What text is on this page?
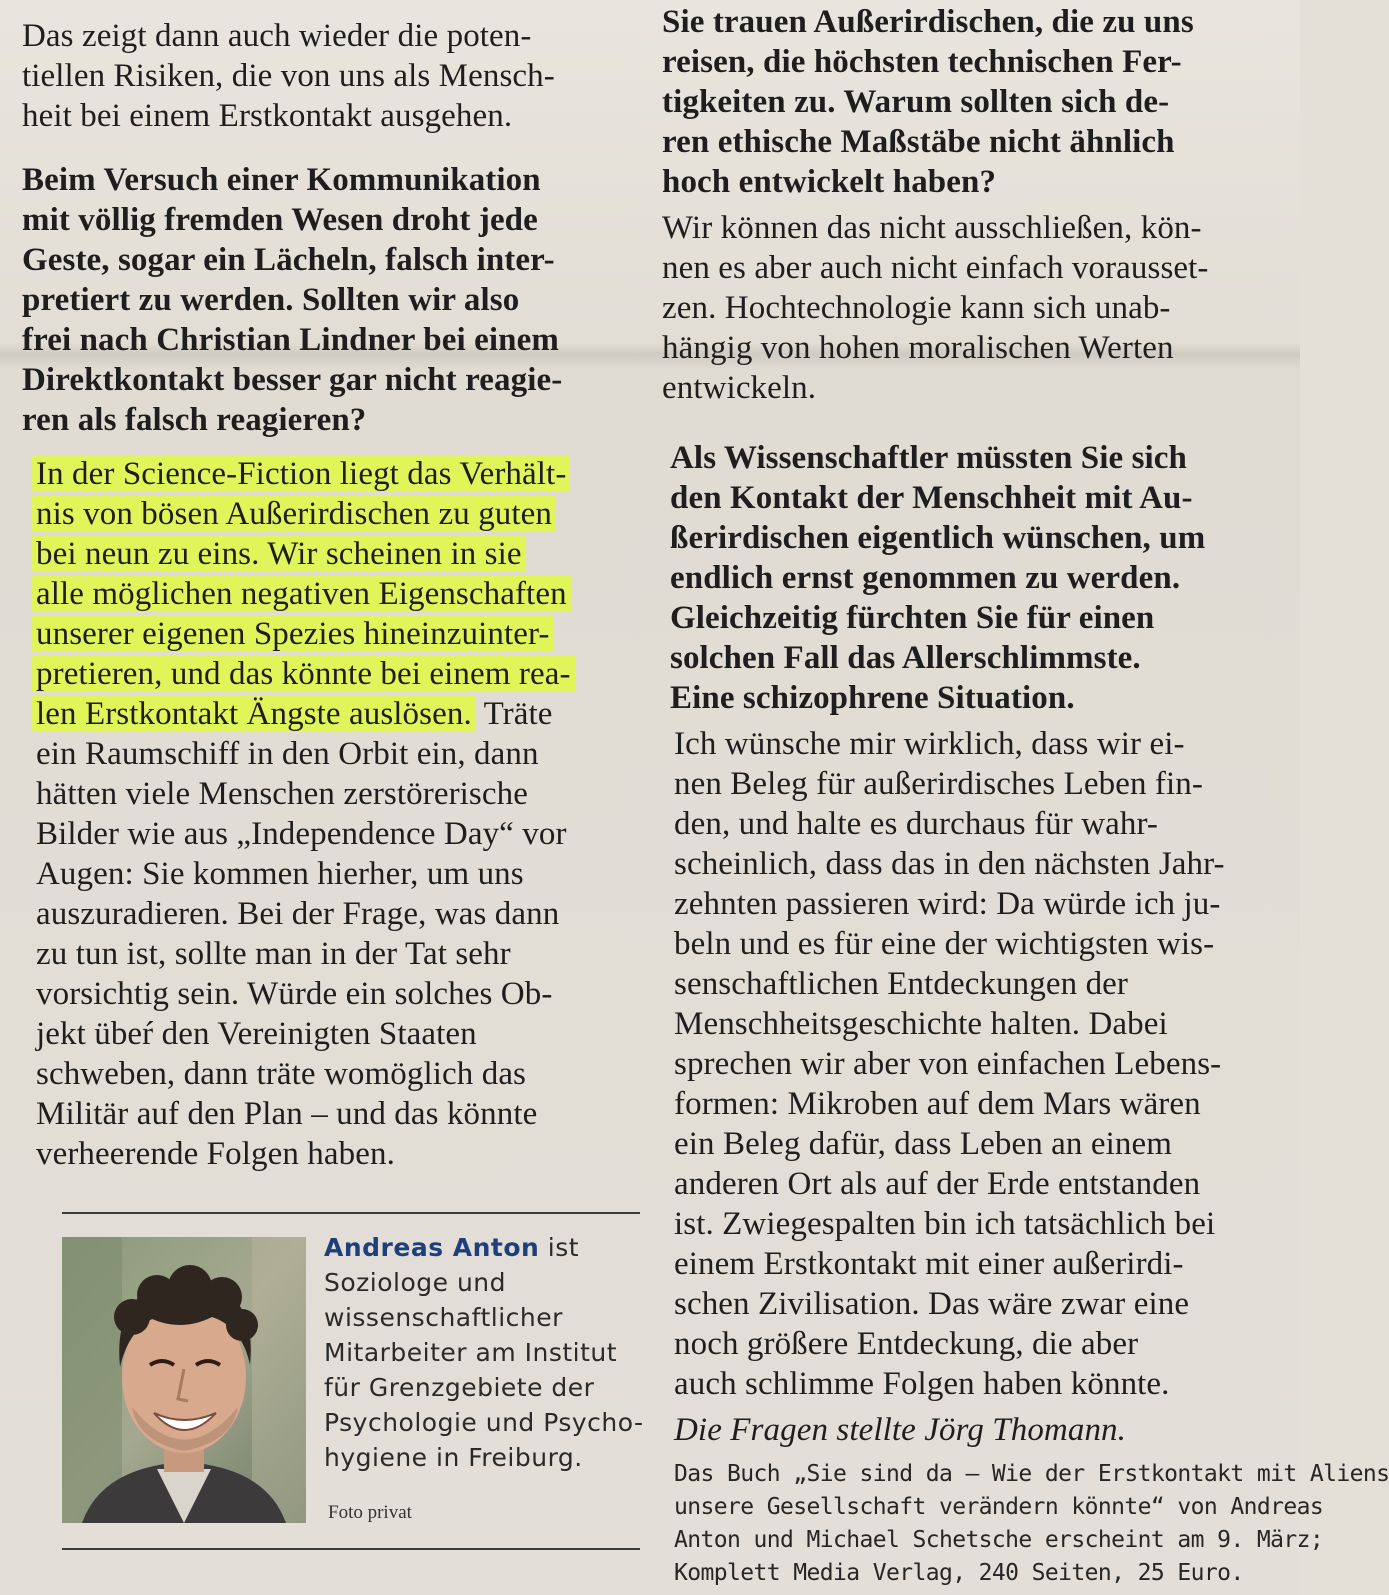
Das zeigt dann auch wieder die poten-
tiellen Risiken, die von uns als Mensch-
heit bei einem Erstkontakt ausgehen.
Beim Versuch einer Kommunikation
mit völlig fremden Wesen droht jede
Geste, sogar ein Lächeln, falsch inter-
pretiert zu werden. Sollten wir also
frei nach Christian Lindner bei einem
Direktkontakt besser gar nicht reagie-
ren als falsch reagieren?
In der Science-Fiction liegt das Verhält-
nis von bösen Außerirdischen zu guten
bei neun zu eins. Wir scheinen in sie
alle möglichen negativen Eigenschaften
unserer eigenen Spezies hineinzuinter-
pretieren, und das könnte bei einem rea-
len Erstkontakt Ängste auslösen. Träte
ein Raumschiff in den Orbit ein, dann
hätten viele Menschen zerstörerische
Bilder wie aus „Independence Day“ vor
Augen: Sie kommen hierher, um uns
auszuradieren. Bei der Frage, was dann
zu tun ist, sollte man in der Tat sehr
vorsichtig sein. Würde ein solches Ob-
jekt übeŕ den Vereinigten Staaten
schweben, dann träte womöglich das
Militär auf den Plan – und das könnte
verheerende Folgen haben.
Andreas Anton ist
Soziologe und
wissenschaftlicher
Mitarbeiter am Institut
für Grenzgebiete der
Psychologie und Psycho-
hygiene in Freiburg.
Foto privat
Sie trauen Außerirdischen, die zu uns
reisen, die höchsten technischen Fer-
tigkeiten zu. Warum sollten sich de-
ren ethische Maßstäbe nicht ähnlich
hoch entwickelt haben?
Wir können das nicht ausschließen, kön-
nen es aber auch nicht einfach vorausset-
zen. Hochtechnologie kann sich unab-
hängig von hohen moralischen Werten
entwickeln.
Als Wissenschaftler müssten Sie sich
den Kontakt der Menschheit mit Au-
ßerirdischen eigentlich wünschen, um
endlich ernst genommen zu werden.
Gleichzeitig fürchten Sie für einen
solchen Fall das Allerschlimmste.
Eine schizophrene Situation.
Ich wünsche mir wirklich, dass wir ei-
nen Beleg für außerirdisches Leben fin-
den, und halte es durchaus für wahr-
scheinlich, dass das in den nächsten Jahr-
zehnten passieren wird: Da würde ich ju-
beln und es für eine der wichtigsten wis-
senschaftlichen Entdeckungen der
Menschheitsgeschichte halten. Dabei
sprechen wir aber von einfachen Lebens-
formen: Mikroben auf dem Mars wären
ein Beleg dafür, dass Leben an einem
anderen Ort als auf der Erde entstanden
ist. Zwiegespalten bin ich tatsächlich bei
einem Erstkontakt mit einer außerirdi-
schen Zivilisation. Das wäre zwar eine
noch größere Entdeckung, die aber
auch schlimme Folgen haben könnte.
Die Fragen stellte Jörg Thomann.
Das Buch „Sie sind da – Wie der Erstkontakt mit Aliens
unsere Gesellschaft verändern könnte“ von Andreas
Anton und Michael Schetsche erscheint am 9. März;
Komplett Media Verlag, 240 Seiten, 25 Euro.
